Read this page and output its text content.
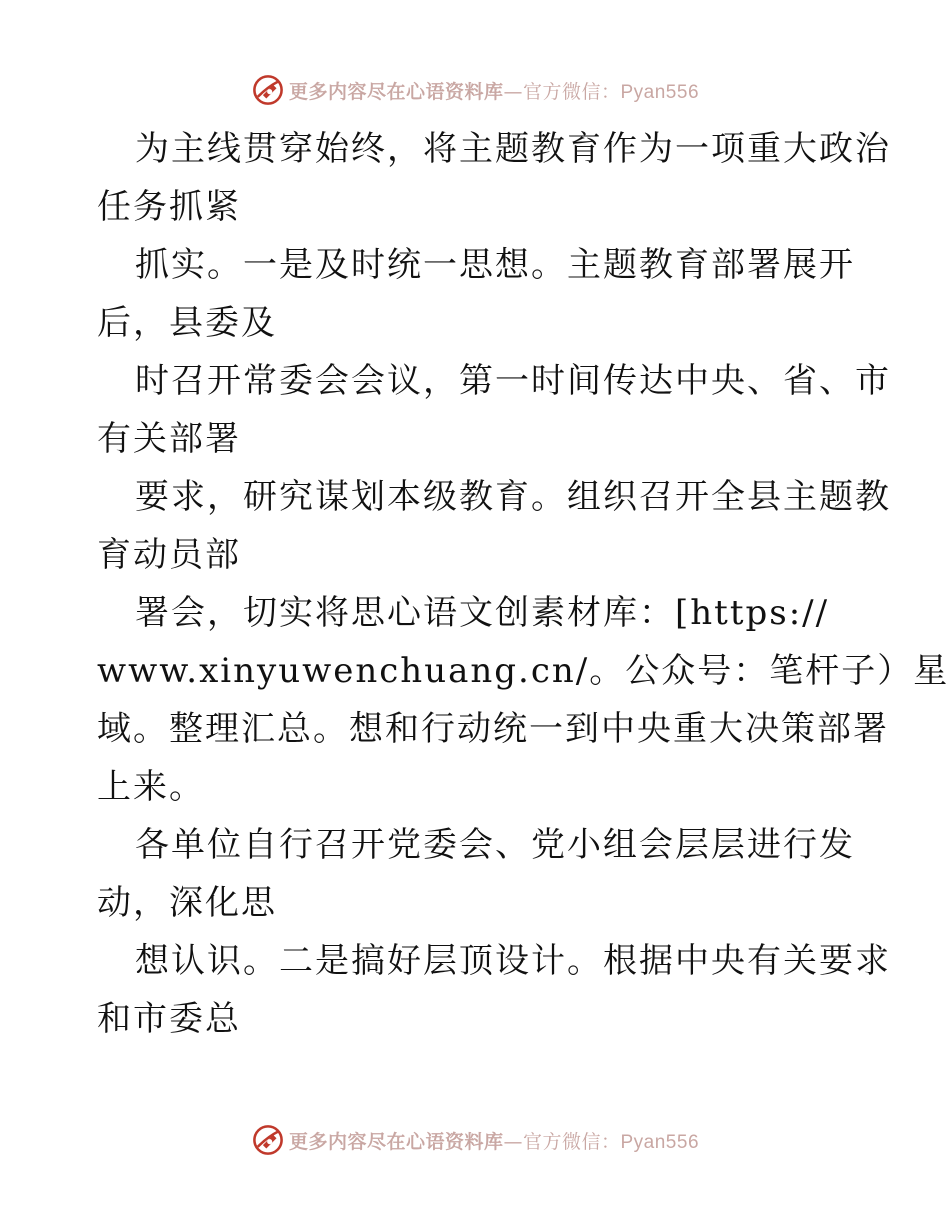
更多内容尽在心语资料库—官方微信：Pyan556
为主线贯穿始终，将主题教育作为一项重大政治
任务抓紧
抓实。一是及时统一思想。主题教育部署展开
后，县委及
时召开常委会会议，第一时间传达中央、省、市
有关部署
要求，研究谋划本级教育。组织召开全县主题教
育动员部
署会，切实将思心语文创素材库：[https://
www.xinyuwenchuang.cn/。公众号：笔杆子）星
域。整理汇总。想和行动统一到中央重大决策部署
上来。
各单位自行召开党委会、党小组会层层进行发
动，深化思
想认识。二是搞好层顶设计。根据中央有关要求
和市委总
更多内容尽在心语资料库—官方微信：Pyan556
